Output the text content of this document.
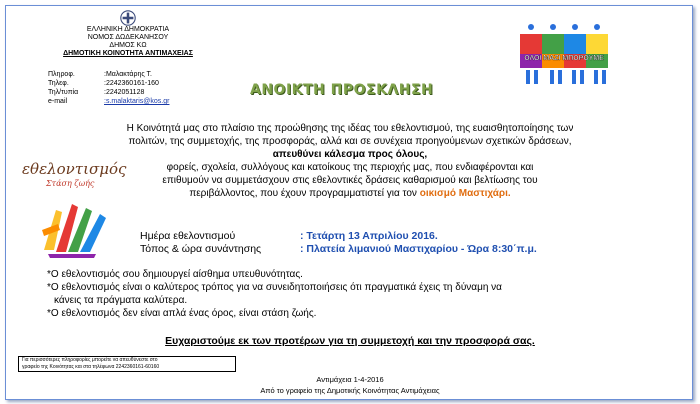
ΕΛΛΗΝΙΚΗ ΔΗΜΟΚΡΑΤΙΑ
ΝΟΜΟΣ ΔΩΔΕΚΑΝΗΣΟΥ
ΔΗΜΟΣ ΚΩ
ΔΗΜΟΤΙΚΗ ΚΟΙΝΟΤΗΤΑ ΑΝΤΙΜΑΧΕΙΑΣ
Πληροφ.	:Μαλακτάρης Τ.
Τηλεφ.	:2242360161-160
Τηλ/τυπία	:2242051128
e-mail	:s.malaktaris@kos.gr
ΑΝΟΙΚΤΗ ΠΡΟΣΚΛΗΣΗ
ΟΛΟΙ ΜΑΖΙ ΜΠΟΡΟΥΜΕ
εθελοντισμός
Στάση ζωής
Η Κοινότητά μας στο πλαίσιο της προώθησης της ιδέας του εθελοντισμού, της ευαισθητοποίησης των
πολιτών, της συμμετοχής, της προσφοράς, αλλά και σε συνέχεια προηγούμενων σχετικών δράσεων,
απευθύνει κάλεσμα προς όλους,
φορείς, σχολεία, συλλόγους και κατοίκους της περιοχής μας, που ενδιαφέρονται και
επιθυμούν να συμμετάσχουν στις εθελοντικές δράσεις καθαρισμού και βελτίωσης του
περιβάλλοντος, που έχουν προγραμματιστεί για τον οικισμό Μαστιχάρι.
Ημέρα εθελοντισμού	: Τετάρτη 13 Απριλίου 2016.
Τόπος & ώρα συνάντησης	: Πλατεία λιμανιού Μαστιχαρίου - Ώρα 8:30΄π.μ.
*Ο εθελοντισμός σου δημιουργεί αίσθημα υπευθυνότητας.
*Ο εθελοντισμός είναι ο καλύτερος τρόπος για να συνειδητοποιήσεις ότι πραγματικά έχεις τη δύναμη να
κάνεις τα πράγματα καλύτερα.
*Ο εθελοντισμός δεν είναι απλά ένας όρος, είναι στάση ζωής.
Ευχαριστούμε εκ των προτέρων για τη συμμετοχή και την προσφορά σας.
Για περισσότερες πληροφορίες μπορείτε να απευθύνεστε στο
γραφείο της Κοινότητας και στα τηλέφωνα 2242360161-60160
Αντιμάχεια 1-4-2016
Από το γραφείο της Δημοτικής Κοινότητας Αντιμάχειας
